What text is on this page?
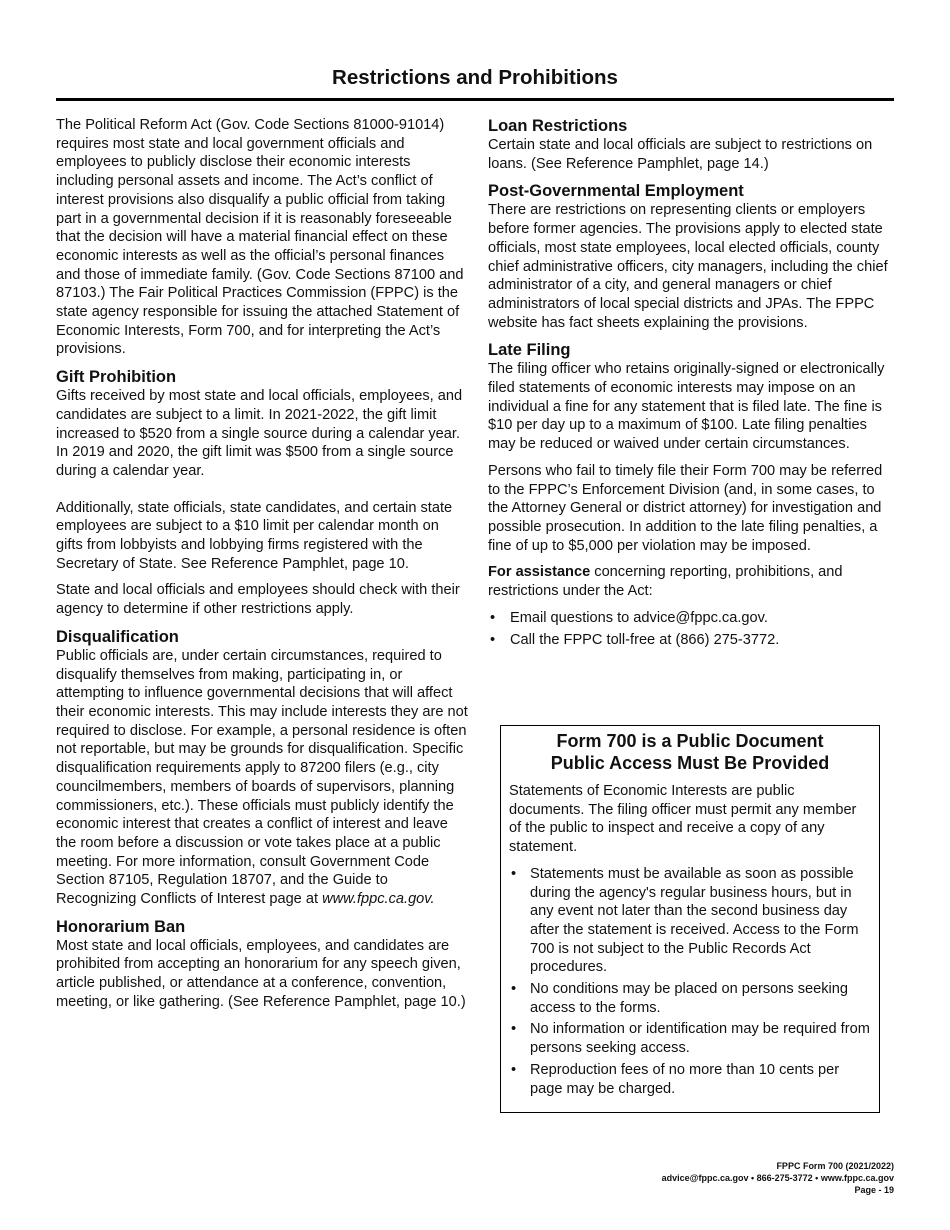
Restrictions and Prohibitions

The Political Reform Act (Gov. Code Sections 81000-91014) requires most state and local government officials and employees to publicly disclose their economic interests including personal assets and income. The Act’s conflict of interest provisions also disqualify a public official from taking part in a governmental decision if it is reasonably foreseeable that the decision will have a material financial effect on these economic interests as well as the official’s personal finances and those of immediate family. (Gov. Code Sections 87100 and 87103.) The Fair Political Practices Commission (FPPC) is the state agency responsible for issuing the attached Statement of Economic Interests, Form 700, and for interpreting the Act’s provisions.

Gift Prohibition

Gifts received by most state and local officials, employees, and candidates are subject to a limit. In 2021-2022, the gift limit increased to $520 from a single source during a calendar year. In 2019 and 2020, the gift limit was $500 from a single source during a calendar year.

Additionally, state officials, state candidates, and certain state employees are subject to a $10 limit per calendar month on gifts from lobbyists and lobbying firms registered with the Secretary of State. See Reference Pamphlet, page 10.

State and local officials and employees should check with their agency to determine if other restrictions apply.

Disqualification

Public officials are, under certain circumstances, required to disqualify themselves from making, participating in, or attempting to influence governmental decisions that will affect their economic interests. This may include interests they are not required to disclose. For example, a personal residence is often not reportable, but may be grounds for disqualification. Specific disqualification requirements apply to 87200 filers (e.g., city councilmembers, members of boards of supervisors, planning commissioners, etc.). These officials must publicly identify the economic interest that creates a conflict of interest and leave the room before a discussion or vote takes place at a public meeting. For more information, consult Government Code Section 87105, Regulation 18707, and the Guide to Recognizing Conflicts of Interest page at www.fppc.ca.gov.

Honorarium Ban

Most state and local officials, employees, and candidates are prohibited from accepting an honorarium for any speech given, article published, or attendance at a conference, convention, meeting, or like gathering. (See Reference Pamphlet, page 10.)

Loan Restrictions

Certain state and local officials are subject to restrictions on loans. (See Reference Pamphlet, page 14.)

Post-Governmental Employment

There are restrictions on representing clients or employers before former agencies. The provisions apply to elected state officials, most state employees, local elected officials, county chief administrative officers, city managers, including the chief administrator of a city, and general managers or chief administrators of local special districts and JPAs. The FPPC website has fact sheets explaining the provisions.

Late Filing

The filing officer who retains originally-signed or electronically filed statements of economic interests may impose on an individual a fine for any statement that is filed late. The fine is $10 per day up to a maximum of $100. Late filing penalties may be reduced or waived under certain circumstances.

Persons who fail to timely file their Form 700 may be referred to the FPPC’s Enforcement Division (and, in some cases, to the Attorney General or district attorney) for investigation and possible prosecution. In addition to the late filing penalties, a fine of up to $5,000 per violation may be imposed.

For assistance concerning reporting, prohibitions, and restrictions under the Act:

• Email questions to advice@fppc.ca.gov.
• Call the FPPC toll-free at (866) 275-3772.
Form 700 is a Public Document
Public Access Must Be Provided

Statements of Economic Interests are public documents. The filing officer must permit any member of the public to inspect and receive a copy of any statement.

• Statements must be available as soon as possible during the agency's regular business hours, but in any event not later than the second business day after the statement is received. Access to the Form 700 is not subject to the Public Records Act procedures.
• No conditions may be placed on persons seeking access to the forms.
• No information or identification may be required from persons seeking access.
• Reproduction fees of no more than 10 cents per page may be charged.
FPPC Form 700 (2021/2022)
advice@fppc.ca.gov • 866-275-3772 • www.fppc.ca.gov
Page - 19
